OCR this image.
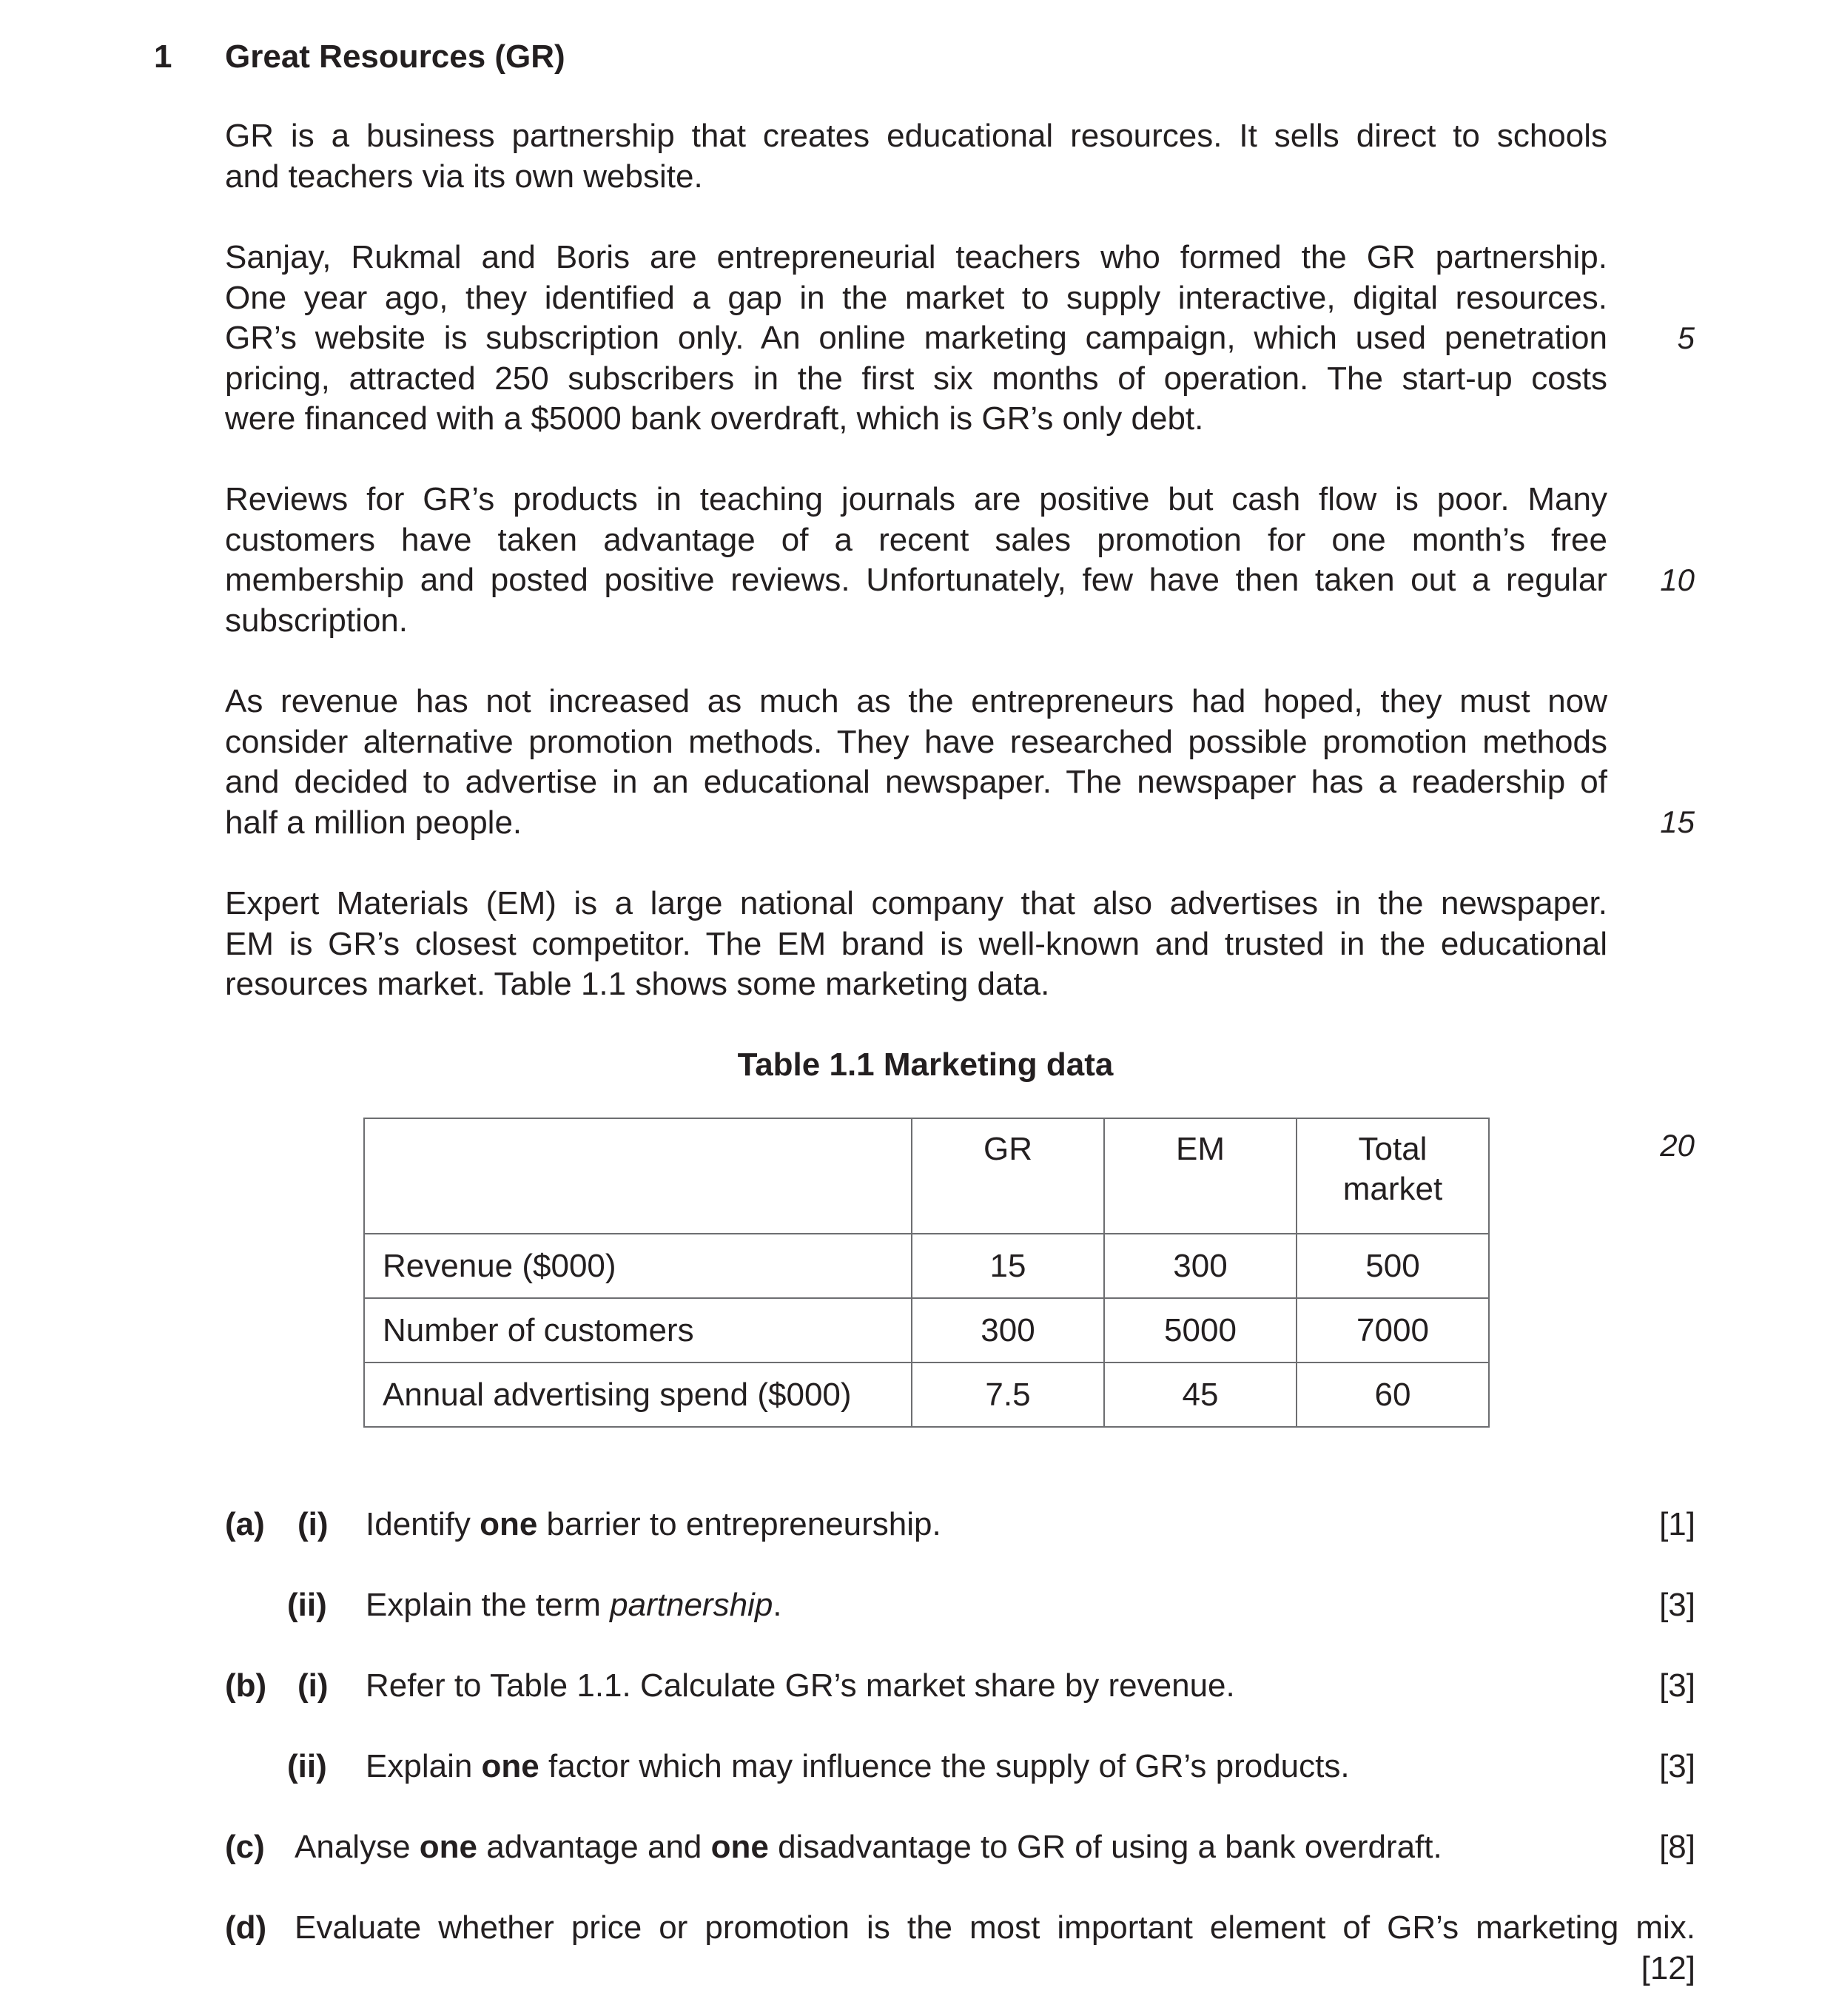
1 Great Resources (GR)
GR is a business partnership that creates educational resources. It sells direct to schools
and teachers via its own website.
Sanjay, Rukmal and Boris are entrepreneurial teachers who formed the GR partnership.
One year ago, they identified a gap in the market to supply interactive, digital resources.
GR’s website is subscription only. An online marketing campaign, which used penetration
pricing, attracted 250 subscribers in the first six months of operation. The start-up costs
were financed with a $5000 bank overdraft, which is GR’s only debt.
Reviews for GR’s products in teaching journals are positive but cash flow is poor. Many
customers have taken advantage of a recent sales promotion for one month’s free
membership and posted positive reviews. Unfortunately, few have then taken out a regular
subscription.
As revenue has not increased as much as the entrepreneurs had hoped, they must now
consider alternative promotion methods. They have researched possible promotion methods
and decided to advertise in an educational newspaper. The newspaper has a readership of
half a million people.
Expert Materials (EM) is a large national company that also advertises in the newspaper.
EM is GR’s closest competitor. The EM brand is well-known and trusted in the educational
resources market. Table 1.1 shows some marketing data.
5
10
15
20
Table 1.1 Marketing data
	GR	EM	Total
market
Revenue ($000)	15	300	500
Number of customers	300	5000	7000
Annual advertising spend ($000)	7.5	45	60
(a) (i) Identify one barrier to entrepreneurship.	[1]
(ii) Explain the term partnership.	[3]
(b) (i) Refer to Table 1.1. Calculate GR’s market share by revenue.	[3]
(ii) Explain one factor which may influence the supply of GR’s products.	[3]
(c) Analyse one advantage and one disadvantage to GR of using a bank overdraft.	[8]
(d) Evaluate whether price or promotion is the most important element of GR’s marketing mix.
[12]
